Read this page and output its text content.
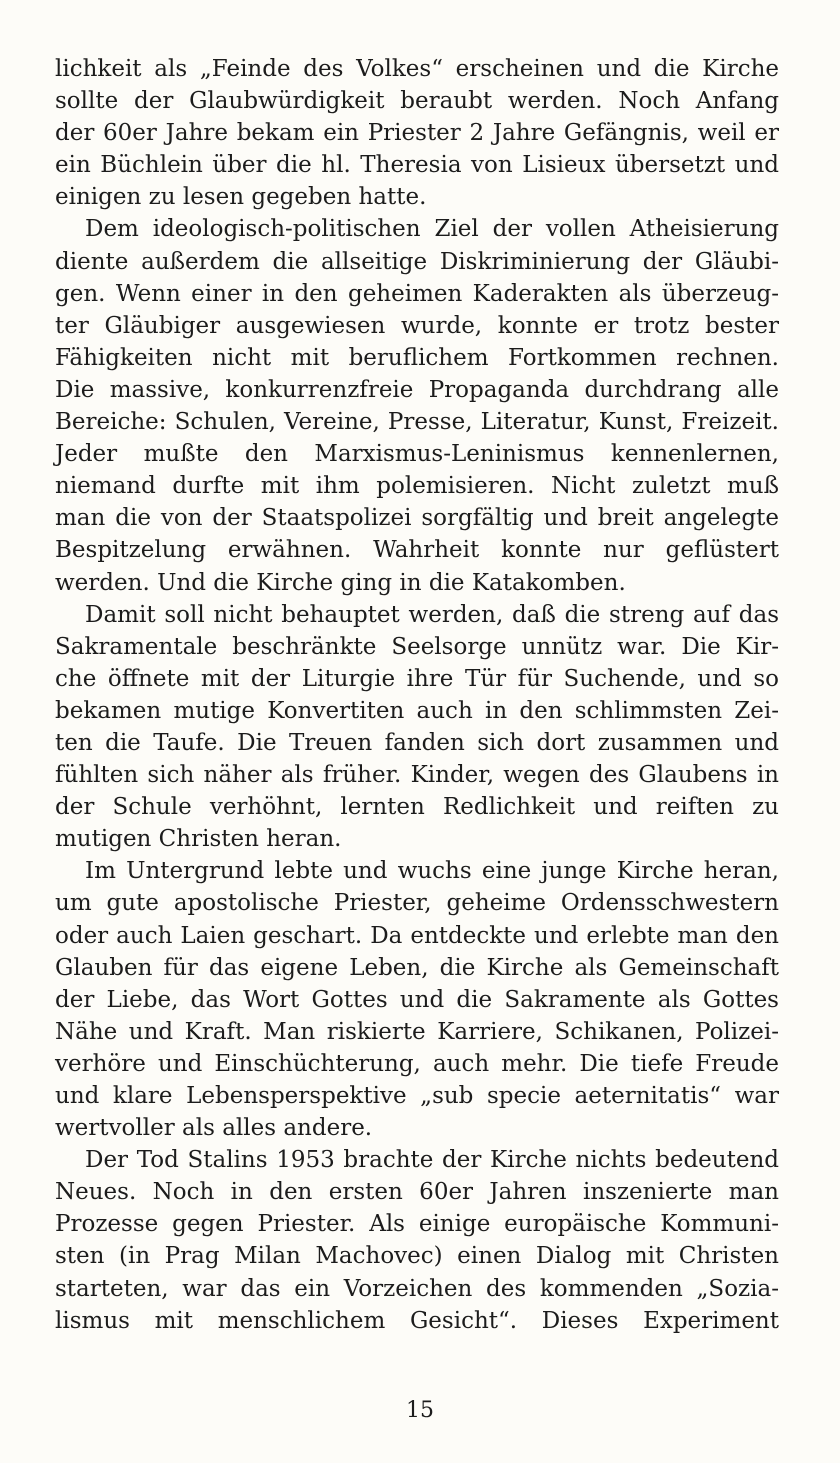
lichkeit als „Feinde des Volkes“ erscheinen und die Kirche
sollte der Glaubwürdigkeit beraubt werden. Noch Anfang
der 60er Jahre bekam ein Priester 2 Jahre Gefängnis, weil er
ein Büchlein über die hl. Theresia von Lisieux übersetzt und
einigen zu lesen gegeben hatte.
Dem ideologisch-politischen Ziel der vollen Atheisierung
diente außerdem die allseitige Diskriminierung der Gläubi-
gen. Wenn einer in den geheimen Kaderakten als überzeug-
ter Gläubiger ausgewiesen wurde, konnte er trotz bester
Fähigkeiten nicht mit beruflichem Fortkommen rechnen.
Die massive, konkurrenzfreie Propaganda durchdrang alle
Bereiche: Schulen, Vereine, Presse, Literatur, Kunst, Freizeit.
Jeder mußte den Marxismus-Leninismus kennenlernen,
niemand durfte mit ihm polemisieren. Nicht zuletzt muß
man die von der Staatspolizei sorgfältig und breit angelegte
Bespitzelung erwähnen. Wahrheit konnte nur geflüstert
werden. Und die Kirche ging in die Katakomben.
Damit soll nicht behauptet werden, daß die streng auf das
Sakramentale beschränkte Seelsorge unnütz war. Die Kir-
che öffnete mit der Liturgie ihre Tür für Suchende, und so
bekamen mutige Konvertiten auch in den schlimmsten Zei-
ten die Taufe. Die Treuen fanden sich dort zusammen und
fühlten sich näher als früher. Kinder, wegen des Glaubens in
der Schule verhöhnt, lernten Redlichkeit und reiften zu
mutigen Christen heran.
Im Untergrund lebte und wuchs eine junge Kirche heran,
um gute apostolische Priester, geheime Ordensschwestern
oder auch Laien geschart. Da entdeckte und erlebte man den
Glauben für das eigene Leben, die Kirche als Gemeinschaft
der Liebe, das Wort Gottes und die Sakramente als Gottes
Nähe und Kraft. Man riskierte Karriere, Schikanen, Polizei-
verhöre und Einschüchterung, auch mehr. Die tiefe Freude
und klare Lebensperspektive „sub specie aeternitatis“ war
wertvoller als alles andere.
Der Tod Stalins 1953 brachte der Kirche nichts bedeutend
Neues. Noch in den ersten 60er Jahren inszenierte man
Prozesse gegen Priester. Als einige europäische Kommuni-
sten (in Prag Milan Machovec) einen Dialog mit Christen
starteten, war das ein Vorzeichen des kommenden „Sozia-
lismus mit menschlichem Gesicht“. Dieses Experiment
15
